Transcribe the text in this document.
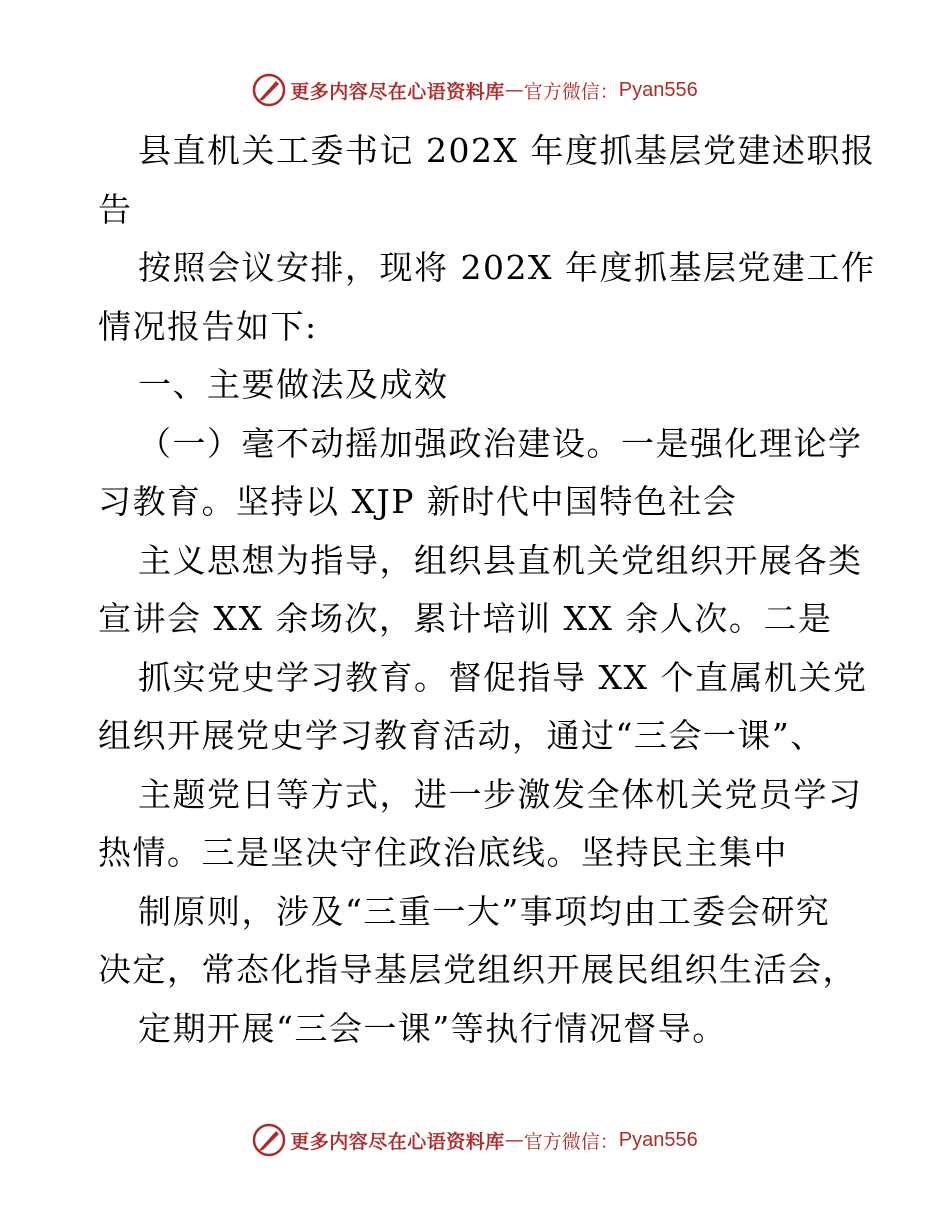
更多内容尽在心语资料库 — 官方微信： Pyan556
县直机关工委书记 202X 年度抓基层党建述职报
告
按照会议安排，现将 202X 年度抓基层党建工作
情况报告如下:
一、主要做法及成效
（一）毫不动摇加强政治建设。一是强化理论学
习教育。坚持以 XJP 新时代中国特色社会
主义思想为指导，组织县直机关党组织开展各类
宣讲会 XX 余场次，累计培训 XX 余人次。二是
抓实党史学习教育。督促指导 XX 个直属机关党
组织开展党史学习教育活动，通过“三会一课”、
主题党日等方式，进一步激发全体机关党员学习
热情。三是坚决守住政治底线。坚持民主集中
制原则，涉及“三重一大”事项均由工委会研究
决定，常态化指导基层党组织开展民组织生活会，
定期开展“三会一课”等执行情况督导。
更多内容尽在心语资料库 — 官方微信： Pyan556
